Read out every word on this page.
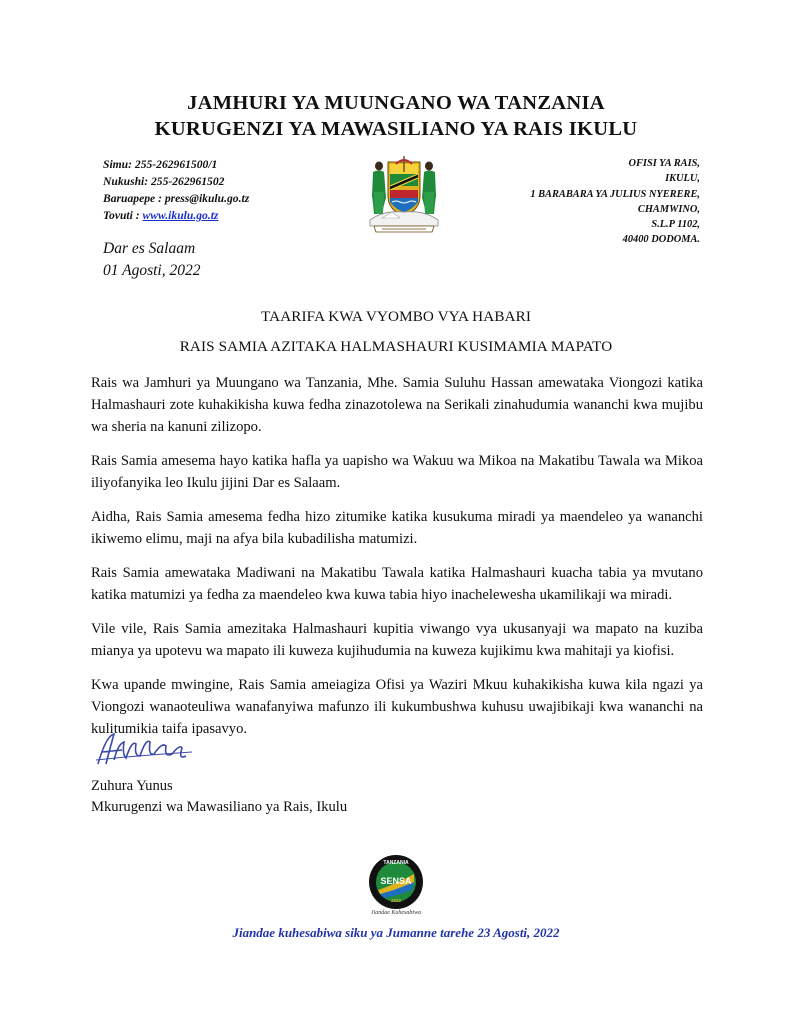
JAMHURI YA MUUNGANO WA TANZANIA
KURUGENZI YA MAWASILIANO YA RAIS IKULU
Simu: 255-262961500/1
Nukushi: 255-262961502
Baruapepe : press@ikulu.go.tz
Tovuti : www.ikulu.go.tz
OFISI YA RAIS,
IKULU,
1 BARABARA YA JULIUS NYERERE,
CHAMWINO,
S.L.P 1102,
40400 DODOMA.
Dar es Salaam
01 Agosti, 2022
TAARIFA KWA VYOMBO VYA HABARI
RAIS SAMIA AZITAKA HALMASHAURI KUSIMAMIA MAPATO

Rais wa Jamhuri ya Muungano wa Tanzania, Mhe. Samia Suluhu Hassan amewataka Viongozi katika Halmashauri zote kuhakikisha kuwa fedha zinazotolewa na Serikali zinahudumia wananchi kwa mujibu wa sheria na kanuni zilizopo.

Rais Samia amesema hayo katika hafla ya uapisho wa Wakuu wa Mikoa na Makatibu Tawala wa Mikoa iliyofanyika leo Ikulu jijini Dar es Salaam.

Aidha, Rais Samia amesema fedha hizo zitumike katika kusukuma miradi ya maendeleo ya wananchi ikiwemo elimu, maji na afya bila kubadilisha matumizi.

Rais Samia amewataka Madiwani na Makatibu Tawala katika Halmashauri kuacha tabia ya mvutano katika matumizi ya fedha za maendeleo kwa kuwa tabia hiyo inachelewesha ukamilikaji wa miradi.

Vile vile, Rais Samia amezitaka Halmashauri kupitia viwango vya ukusanyaji wa mapato na kuziba mianya ya upotevu wa mapato ili kuweza kujihudumia na kuweza kujikimu kwa mahitaji ya kiofisi.

Kwa upande mwingine, Rais Samia ameiagiza Ofisi ya Waziri Mkuu kuhakikisha kuwa kila ngazi ya Viongozi wanaoteuliwa wanafanyiwa mafunzo ili kukumbushwa kuhusu uwajibikaji kwa wananchi na kulitumikia taifa ipasavyo.

Zuhura Yunus
Mkurugenzi wa Mawasiliano ya Rais, Ikulu
TANZANIA
SENSA
2022
Jiandae Kuhesabiwa
Jiandae kuhesabiwa siku ya Jumanne tarehe 23 Agosti, 2022
